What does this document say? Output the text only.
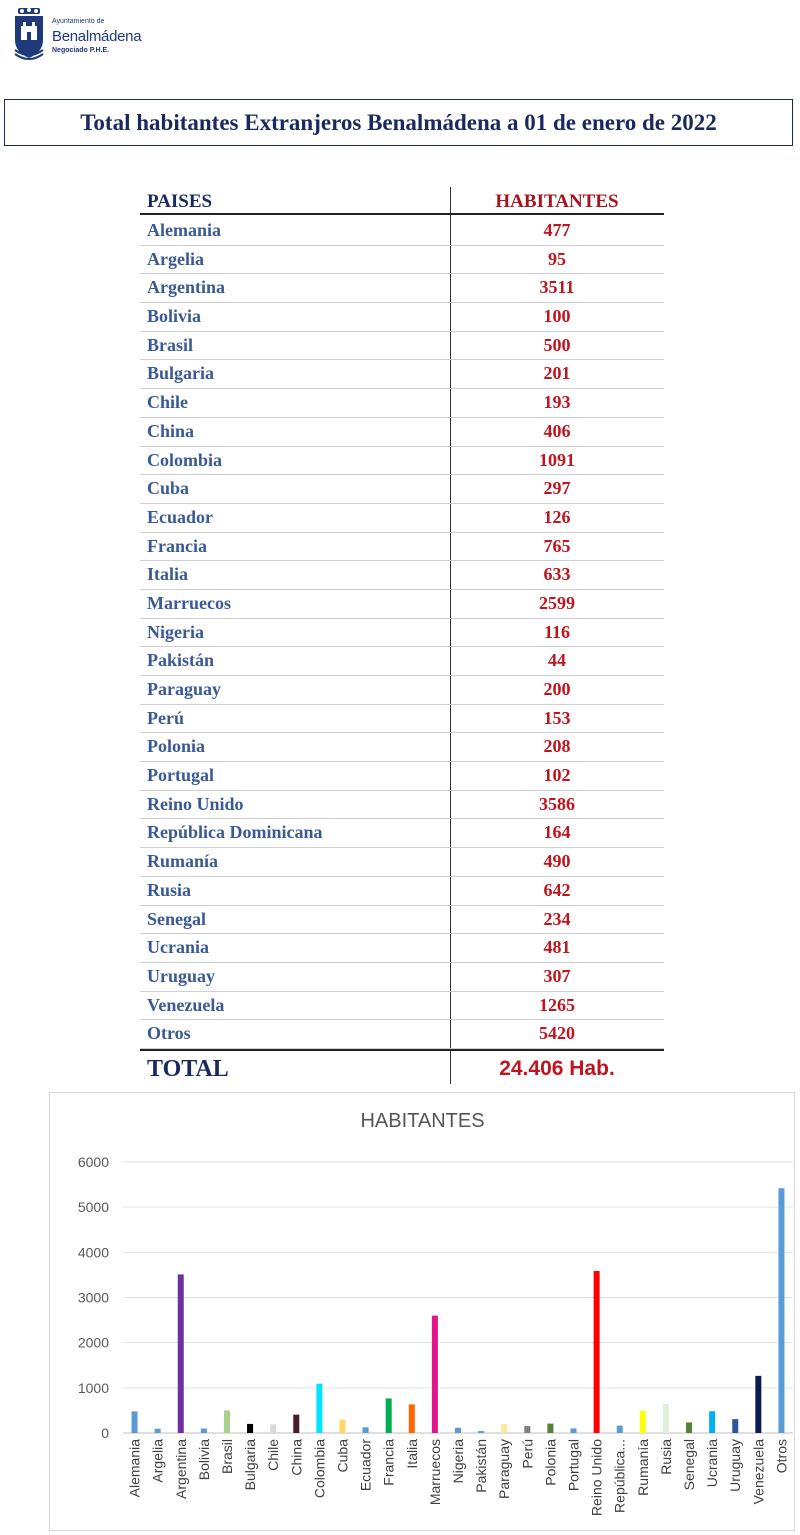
Ayuntamiento de
Benalmádena
Negociado P.H.E.
Total habitantes Extranjeros Benalmádena a 01 de enero de 2022
PAISES	HABITANTES
Alemania	477
Argelia	95
Argentina	3511
Bolivia	100
Brasil	500
Bulgaria	201
Chile	193
China	406
Colombia	1091
Cuba	297
Ecuador	126
Francia	765
Italia	633
Marruecos	2599
Nigeria	116
Pakistán	44
Paraguay	200
Perú	153
Polonia	208
Portugal	102
Reino Unido	3586
República Dominicana	164
Rumanía	490
Rusia	642
Senegal	234
Ucrania	481
Uruguay	307
Venezuela	1265
Otros	5420
TOTAL	24.406 Hab.
HABITANTES
0
1000
2000
3000
4000
5000
6000
Alemania Argelia Argentina Bolivia Brasil Bulgaria Chile China Colombia Cuba Ecuador Francia Italia Marruecos Nigeria Pakistán Paraguay Perú Polonia Portugal Reino Unido República... Rumanía Rusia Senegal Ucrania Uruguay Venezuela Otros
